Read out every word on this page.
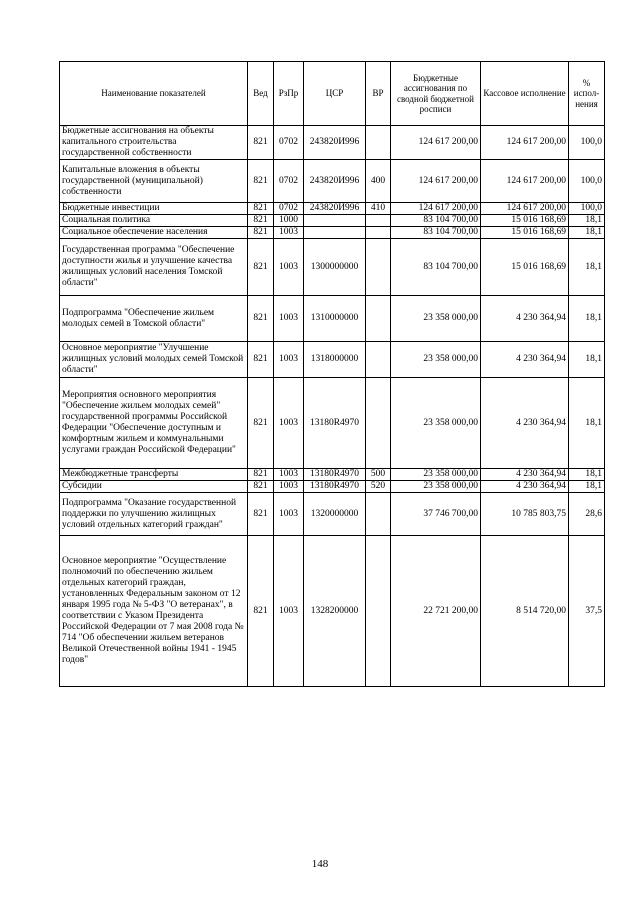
Наименование показателей	Вед	РзПр	ЦСР	ВР	Бюджетные ассигнования по сводной бюджетной росписи	Кассовое исполнение	% испол-нения
Бюджетные ассигнования на объекты капитального строительства государственной собственности	821	0702	243820И996		124 617 200,00	124 617 200,00	100,0
Капитальные вложения в объекты государственной (муниципальной) собственности	821	0702	243820И996	400	124 617 200,00	124 617 200,00	100,0
Бюджетные инвестиции	821	0702	243820И996	410	124 617 200,00	124 617 200,00	100,0
Социальная политика	821	1000			83 104 700,00	15 016 168,69	18,1
Социальное обеспечение населения	821	1003			83 104 700,00	15 016 168,69	18,1
Государственная программа "Обеспечение доступности жилья и улучшение качества жилищных условий населения Томской области"	821	1003	1300000000		83 104 700,00	15 016 168,69	18,1
Подпрограмма "Обеспечение жильем молодых семей в Томской области"	821	1003	1310000000		23 358 000,00	4 230 364,94	18,1
Основное мероприятие "Улучшение жилищных условий молодых семей Томской области"	821	1003	1318000000		23 358 000,00	4 230 364,94	18,1
Мероприятия основного мероприятия "Обеспечение жильем молодых семей" государственной программы Российской Федерации "Обеспечение доступным и комфортным жильем и коммунальными услугами граждан Российской Федерации"	821	1003	13180R4970		23 358 000,00	4 230 364,94	18,1
Межбюджетные трансферты	821	1003	13180R4970	500	23 358 000,00	4 230 364,94	18,1
Субсидии	821	1003	13180R4970	520	23 358 000,00	4 230 364,94	18,1
Подпрограмма "Оказание государственной поддержки по улучшению жилищных условий отдельных категорий граждан"	821	1003	1320000000		37 746 700,00	10 785 803,75	28,6
Основное мероприятие "Осуществление полномочий по обеспечению жильем отдельных категорий граждан, установленных Федеральным законом от 12 января 1995 года № 5-ФЗ "О ветеранах", в соответствии с Указом Президента Российской Федерации от 7 мая 2008 года № 714 "Об обеспечении жильем ветеранов Великой Отечественной войны 1941 - 1945 годов"	821	1003	1328200000		22 721 200,00	8 514 720,00	37,5
148
